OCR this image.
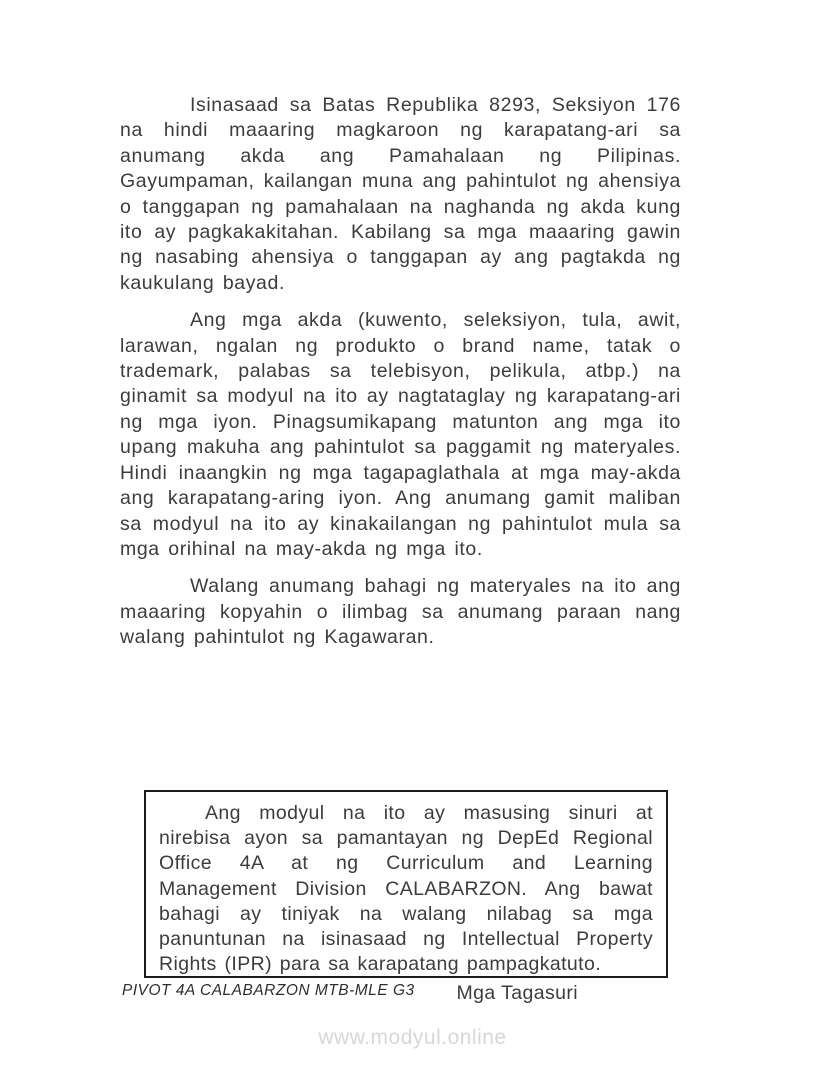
Isinasaad sa Batas Republika 8293, Seksiyon 176 na hindi maaaring magkaroon ng karapatang-ari sa anumang akda ang Pamahalaan ng Pilipinas. Gayumpaman, kailangan muna ang pahintulot ng ahensiya o tanggapan ng pamahalaan na naghanda ng akda kung ito ay pagkakakitahan. Kabilang sa mga maaaring gawin ng nasabing ahensiya o tanggapan ay ang pagtakda ng kaukulang bayad.

Ang mga akda (kuwento, seleksiyon, tula, awit, larawan, ngalan ng produkto o brand name, tatak o trademark, palabas sa telebisyon, pelikula, atbp.) na ginamit sa modyul na ito ay nagtataglay ng karapatang-ari ng mga iyon. Pinagsumikapang matunton ang mga ito upang makuha ang pahintulot sa paggamit ng materyales. Hindi inaangkin ng mga tagapaglathala at mga may-akda ang karapatang-aring iyon. Ang anumang gamit maliban sa modyul na ito ay kinakailangan ng pahintulot mula sa mga orihinal na may-akda ng mga ito.

Walang anumang bahagi ng materyales na ito ang maaaring kopyahin o ilimbag sa anumang paraan nang walang pahintulot ng Kagawaran.

Ang modyul na ito ay masusing sinuri at nirebisa ayon sa pamantayan ng DepEd Regional Office 4A at ng Curriculum and Learning Management Division CALABARZON. Ang bawat bahagi ay tiniyak na walang nilabag sa mga panuntunan na isinasaad ng Intellectual Property Rights (IPR) para sa karapatang pampagkatuto.

Mga Tagasuri

PIVOT 4A CALABARZON MTB-MLE G3
www.modyul.online
